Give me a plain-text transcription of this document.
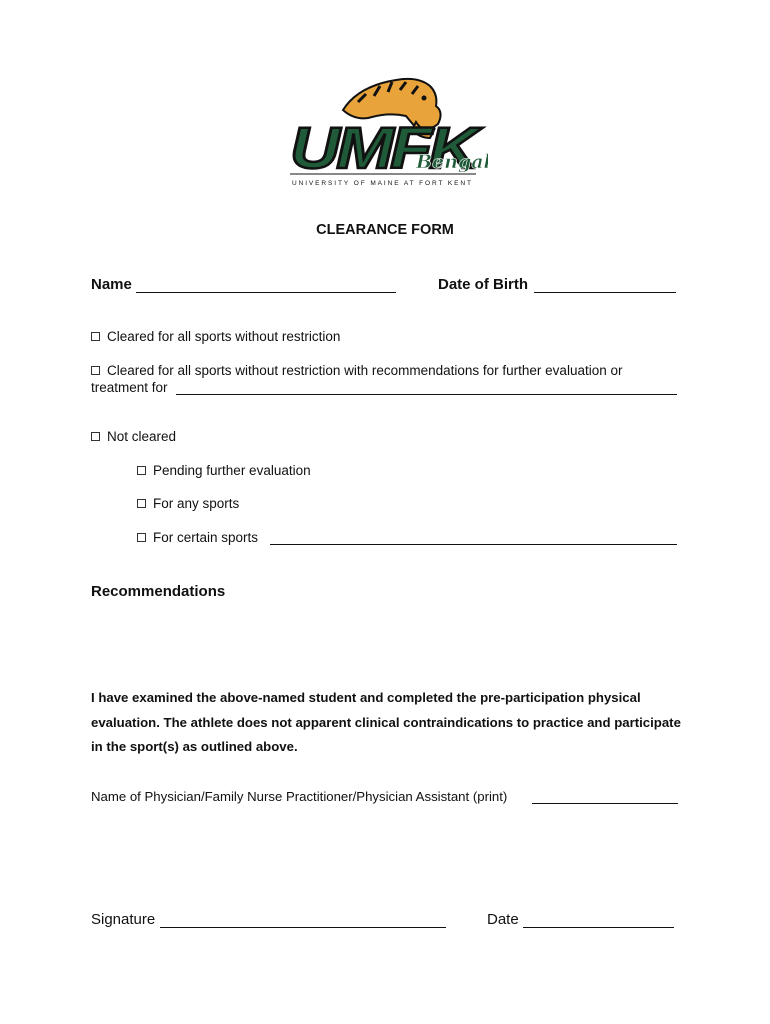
UMFK
Benga
UNIVERSITY OF MAINE AT FORT KENT
CLEARANCE FORM
Name	Date of Birth
Cleared for all sports without restriction
Cleared for all sports without restriction with recommendations for further evaluation or
treatment for
Not cleared
Pending further evaluation
For any sports
For certain sports
Recommendations
I have examined the above-named student and completed the pre-participation physical evaluation. The athlete does not apparent clinical contraindications to practice and participate in the sport(s) as outlined above.
Name of Physician/Family Nurse Practitioner/Physician Assistant (print)
Signature	Date
